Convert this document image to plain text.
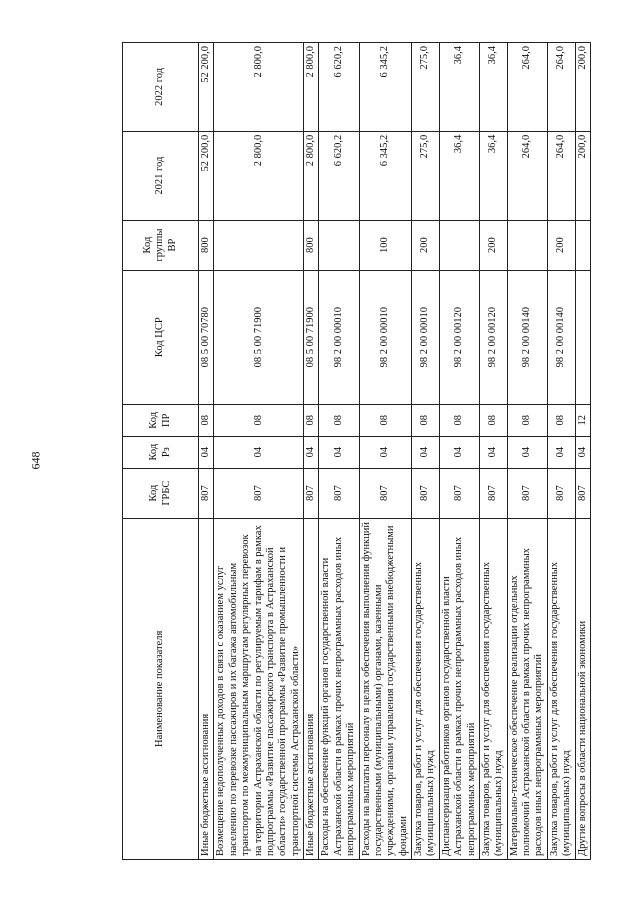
648
Наименование показателя	Код ГРБС	Код Рз	Код ПР	Код ЦСР	Код группы ВР	2021 год	2022 год
Иные бюджетные ассигнования	807	04	08	08 5 00 70780	800	52 200,0	52 200,0
Возмещение недополученных доходов в связи с оказанием услуг населению по перевозке пассажиров и их багажа автомобильным транспортом по межмуниципальным маршрутам регулярных перевозок на территории Астраханской области по регулируемым тарифам в рамках подпрограммы «Развитие пассажирского транспорта в Астраханской области» государственной программы «Развитие промышленности и транспортной системы Астраханской области»	807	04	08	08 5 00 71900		2 800,0	2 800,0
Иные бюджетные ассигнования	807	04	08	08 5 00 71900	800	2 800,0	2 800,0
Расходы на обеспечение функций органов государственной власти Астраханской области в рамках прочих непрограммных расходов иных непрограммных мероприятий	807	04	08	98 2 00 00010		6 620,2	6 620,2
Расходы на выплаты персоналу в целях обеспечения выполнения функций государственными (муниципальными) органами, казенными учреждениями, органами управления государственными внебюджетными фондами	807	04	08	98 2 00 00010	100	6 345,2	6 345,2
Закупка товаров, работ и услуг для обеспечения государственных (муниципальных) нужд	807	04	08	98 2 00 00010	200	275,0	275,0
Диспансеризация работников органов государственной власти Астраханской области в рамках прочих непрограммных расходов иных непрограммных мероприятий	807	04	08	98 2 00 00120		36,4	36,4
Закупка товаров, работ и услуг для обеспечения государственных (муниципальных) нужд	807	04	08	98 2 00 00120	200	36,4	36,4
Материально-техническое обеспечение реализации отдельных полномочий Астраханской области в рамках прочих непрограммных расходов иных непрограммных мероприятий	807	04	08	98 2 00 00140		264,0	264,0
Закупка товаров, работ и услуг для обеспечения государственных (муниципальных) нужд	807	04	08	98 2 00 00140	200	264,0	264,0
Другие вопросы в области национальной экономики	807	04	12			200,0	200,0
